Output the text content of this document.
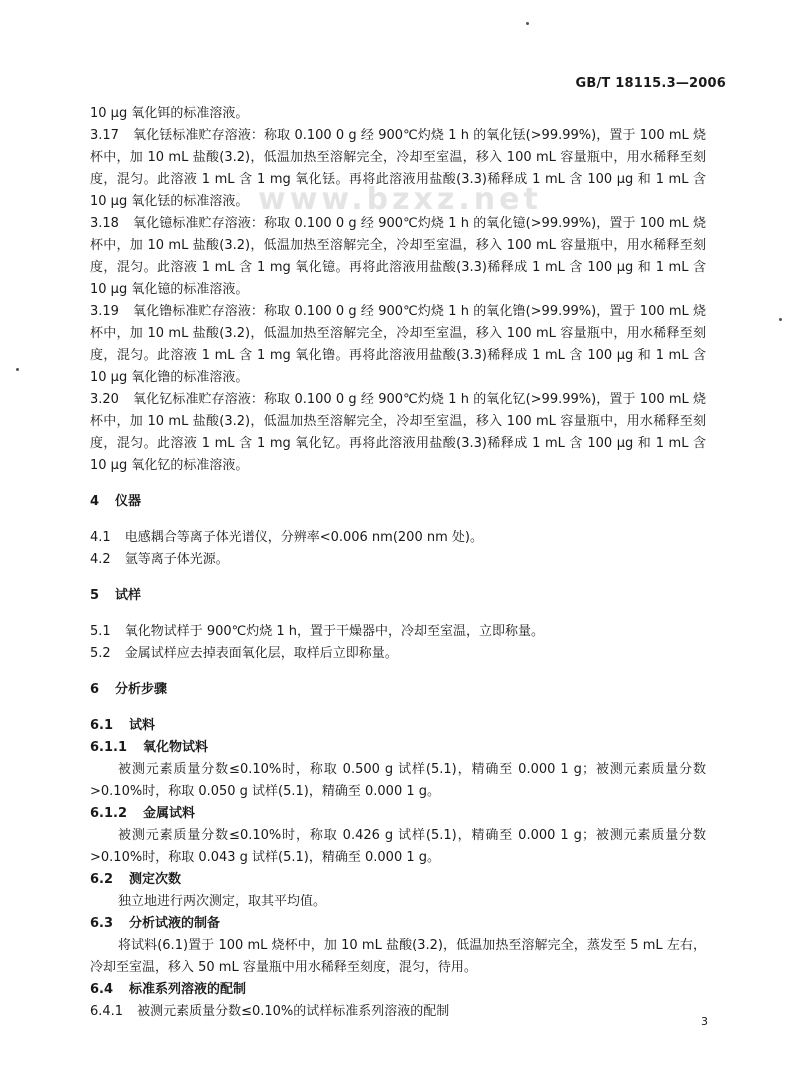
GB/T 18115.3—2006
www.bzxz.net

10 μg 氧化铒的标准溶液。

3.17 氧化铥标准贮存溶液：称取 0.100 0 g 经 900℃灼烧 1 h 的氧化铥(>99.99%)，置于 100 mL 烧杯中，加 10 mL 盐酸(3.2)，低温加热至溶解完全，冷却至室温，移入 100 mL 容量瓶中，用水稀释至刻度，混匀。此溶液 1 mL 含 1 mg 氧化铥。再将此溶液用盐酸(3.3)稀释成 1 mL 含 100 μg 和 1 mL 含 10 μg 氧化铥的标准溶液。

3.18 氧化镱标准贮存溶液：称取 0.100 0 g 经 900℃灼烧 1 h 的氧化镱(>99.99%)，置于 100 mL 烧杯中，加 10 mL 盐酸(3.2)，低温加热至溶解完全，冷却至室温，移入 100 mL 容量瓶中，用水稀释至刻度，混匀。此溶液 1 mL 含 1 mg 氧化镱。再将此溶液用盐酸(3.3)稀释成 1 mL 含 100 μg 和 1 mL 含 10 μg 氧化镱的标准溶液。

3.19 氧化镥标准贮存溶液：称取 0.100 0 g 经 900℃灼烧 1 h 的氧化镥(>99.99%)，置于 100 mL 烧杯中，加 10 mL 盐酸(3.2)，低温加热至溶解完全，冷却至室温，移入 100 mL 容量瓶中，用水稀释至刻度，混匀。此溶液 1 mL 含 1 mg 氧化镥。再将此溶液用盐酸(3.3)稀释成 1 mL 含 100 μg 和 1 mL 含 10 μg 氧化镥的标准溶液。

3.20 氧化钇标准贮存溶液：称取 0.100 0 g 经 900℃灼烧 1 h 的氧化钇(>99.99%)，置于 100 mL 烧杯中，加 10 mL 盐酸(3.2)，低温加热至溶解完全，冷却至室温，移入 100 mL 容量瓶中，用水稀释至刻度，混匀。此溶液 1 mL 含 1 mg 氧化钇。再将此溶液用盐酸(3.3)稀释成 1 mL 含 100 μg 和 1 mL 含 10 μg 氧化钇的标准溶液。

4 仪器

4.1 电感耦合等离子体光谱仪，分辨率<0.006 nm(200 nm 处)。

4.2 氩等离子体光源。

5 试样

5.1 氧化物试样于 900℃灼烧 1 h，置于干燥器中，冷却至室温，立即称量。

5.2 金属试样应去掉表面氧化层，取样后立即称量。

6 分析步骤

6.1 试料

6.1.1 氧化物试料

被测元素质量分数≤0.10%时，称取 0.500 g 试样(5.1)，精确至 0.000 1 g；被测元素质量分数>0.10%时，称取 0.050 g 试样(5.1)，精确至 0.000 1 g。

6.1.2 金属试料

被测元素质量分数≤0.10%时，称取 0.426 g 试样(5.1)，精确至 0.000 1 g；被测元素质量分数>0.10%时，称取 0.043 g 试样(5.1)，精确至 0.000 1 g。

6.2 测定次数

独立地进行两次测定，取其平均值。

6.3 分析试液的制备

将试料(6.1)置于 100 mL 烧杯中，加 10 mL 盐酸(3.2)，低温加热至溶解完全，蒸发至 5 mL 左右，冷却至室温，移入 50 mL 容量瓶中用水稀释至刻度，混匀，待用。

6.4 标准系列溶液的配制

6.4.1 被测元素质量分数≤0.10%的试样标准系列溶液的配制

3
